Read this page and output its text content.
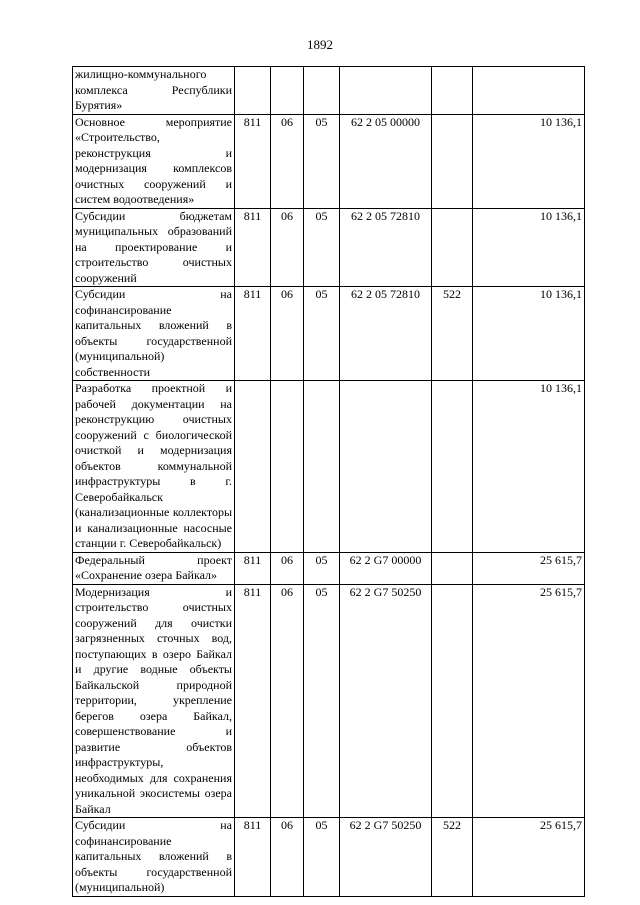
1892
жилищно-коммунального комплекса Республики Бурятия»						
Основное мероприятие «Строительство, реконструкция и модернизация комплексов очистных сооружений и систем водоотведения»	811	06	05	62 2 05 00000		10 136,1
Субсидии бюджетам муниципальных образований на проектирование и строительство очистных сооружений	811	06	05	62 2 05 72810		10 136,1
Субсидии на софинансирование капитальных вложений в объекты государственной (муниципальной) собственности	811	06	05	62 2 05 72810	522	10 136,1
Разработка проектной и рабочей документации на реконструкцию очистных сооружений с биологической очисткой и модернизация объектов коммунальной инфраструктуры в г. Северобайкальск (канализационные коллекторы и канализационные насосные станции г. Северобайкальск)						10 136,1
Федеральный проект «Сохранение озера Байкал»	811	06	05	62 2 G7 00000		25 615,7
Модернизация и строительство очистных сооружений для очистки загрязненных сточных вод, поступающих в озеро Байкал и другие водные объекты Байкальской природной территории, укрепление берегов озера Байкал, совершенствование и развитие объектов инфраструктуры, необходимых для сохранения уникальной экосистемы озера Байкал	811	06	05	62 2 G7 50250		25 615,7
Субсидии на софинансирование капитальных вложений в объекты государственной (муниципальной)	811	06	05	62 2 G7 50250	522	25 615,7
